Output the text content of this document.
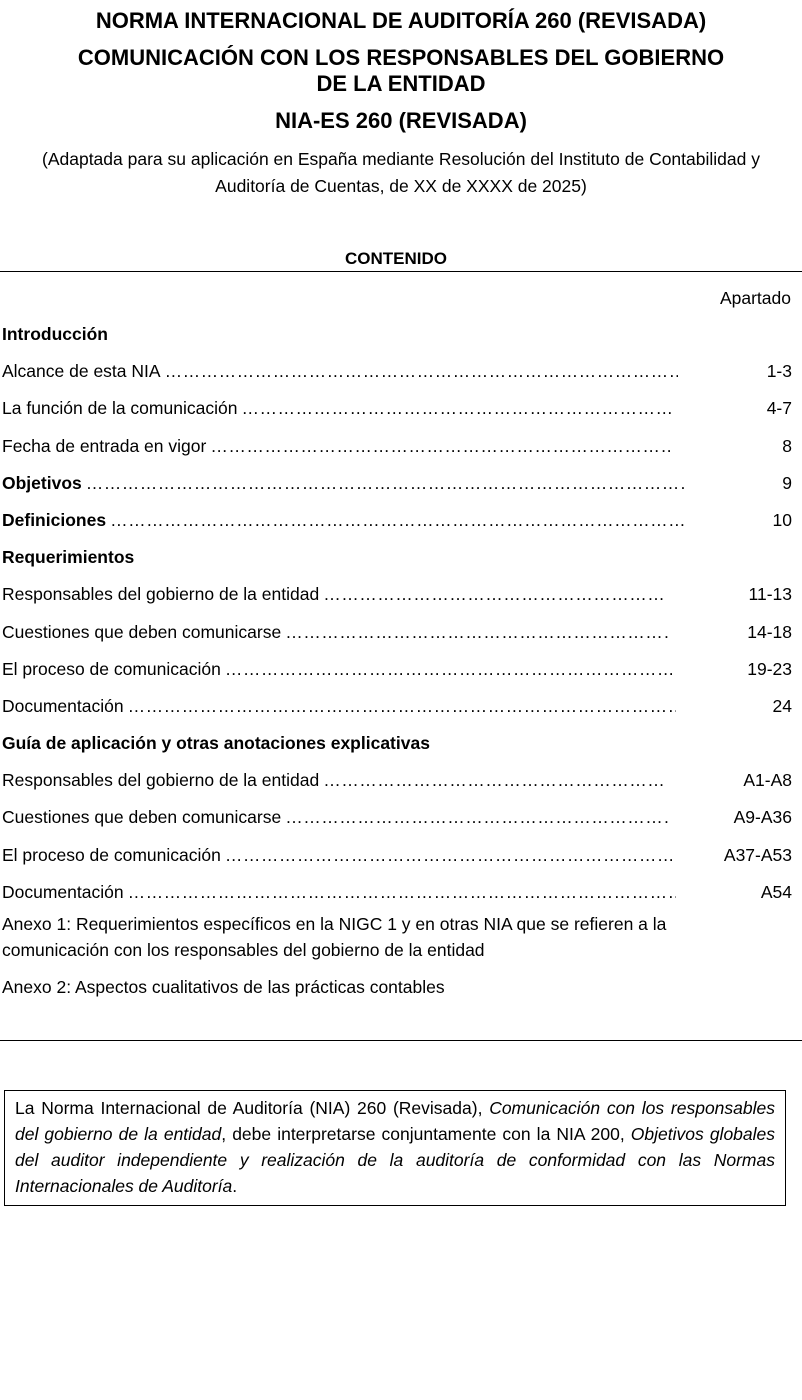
NORMA INTERNACIONAL DE AUDITORÍA 260 (REVISADA)
COMUNICACIÓN CON LOS RESPONSABLES DEL GOBIERNO
DE LA ENTIDAD
NIA-ES 260 (REVISADA)
(Adaptada para su aplicación en España mediante Resolución del Instituto de Contabilidad y
Auditoría de Cuentas, de XX de XXXX de 2025)
CONTENIDO
Apartado
Introducción
Alcance de esta NIA ……………………………………………………………………………………………………………………………………………………………………………………………………	1-3
La función de la comunicación ……………………………………………………………………………………………………………………………………………………………………………………………………	4-7
Fecha de entrada en vigor ……………………………………………………………………………………………………………………………………………………………………………………………………	8
Objetivos ……………………………………………………………………………………………………………………………………………………………………………………………………	9
Definiciones ……………………………………………………………………………………………………………………………………………………………………………………………………	10
Requerimientos
Responsables del gobierno de la entidad ……………………………………………………………………………………………………………………………………………………………………………………………………	11-13
Cuestiones que deben comunicarse ……………………………………………………………………………………………………………………………………………………………………………………………………	14-18
El proceso de comunicación ……………………………………………………………………………………………………………………………………………………………………………………………………	19-23
Documentación ……………………………………………………………………………………………………………………………………………………………………………………………………	24
Guía de aplicación y otras anotaciones explicativas
Responsables del gobierno de la entidad ……………………………………………………………………………………………………………………………………………………………………………………………………	A1-A8
Cuestiones que deben comunicarse ……………………………………………………………………………………………………………………………………………………………………………………………………	A9-A36
El proceso de comunicación ……………………………………………………………………………………………………………………………………………………………………………………………………	A37-A53
Documentación ……………………………………………………………………………………………………………………………………………………………………………………………………	A54
Anexo 1: Requerimientos específicos en la NIGC 1 y en otras NIA que se refieren a la comunicación con los responsables del gobierno de la entidad
Anexo 2: Aspectos cualitativos de las prácticas contables
La Norma Internacional de Auditoría (NIA) 260 (Revisada), Comunicación con los responsables del gobierno de la entidad, debe interpretarse conjuntamente con la NIA 200, Objetivos globales del auditor independiente y realización de la auditoría de conformidad con las Normas Internacionales de Auditoría.
